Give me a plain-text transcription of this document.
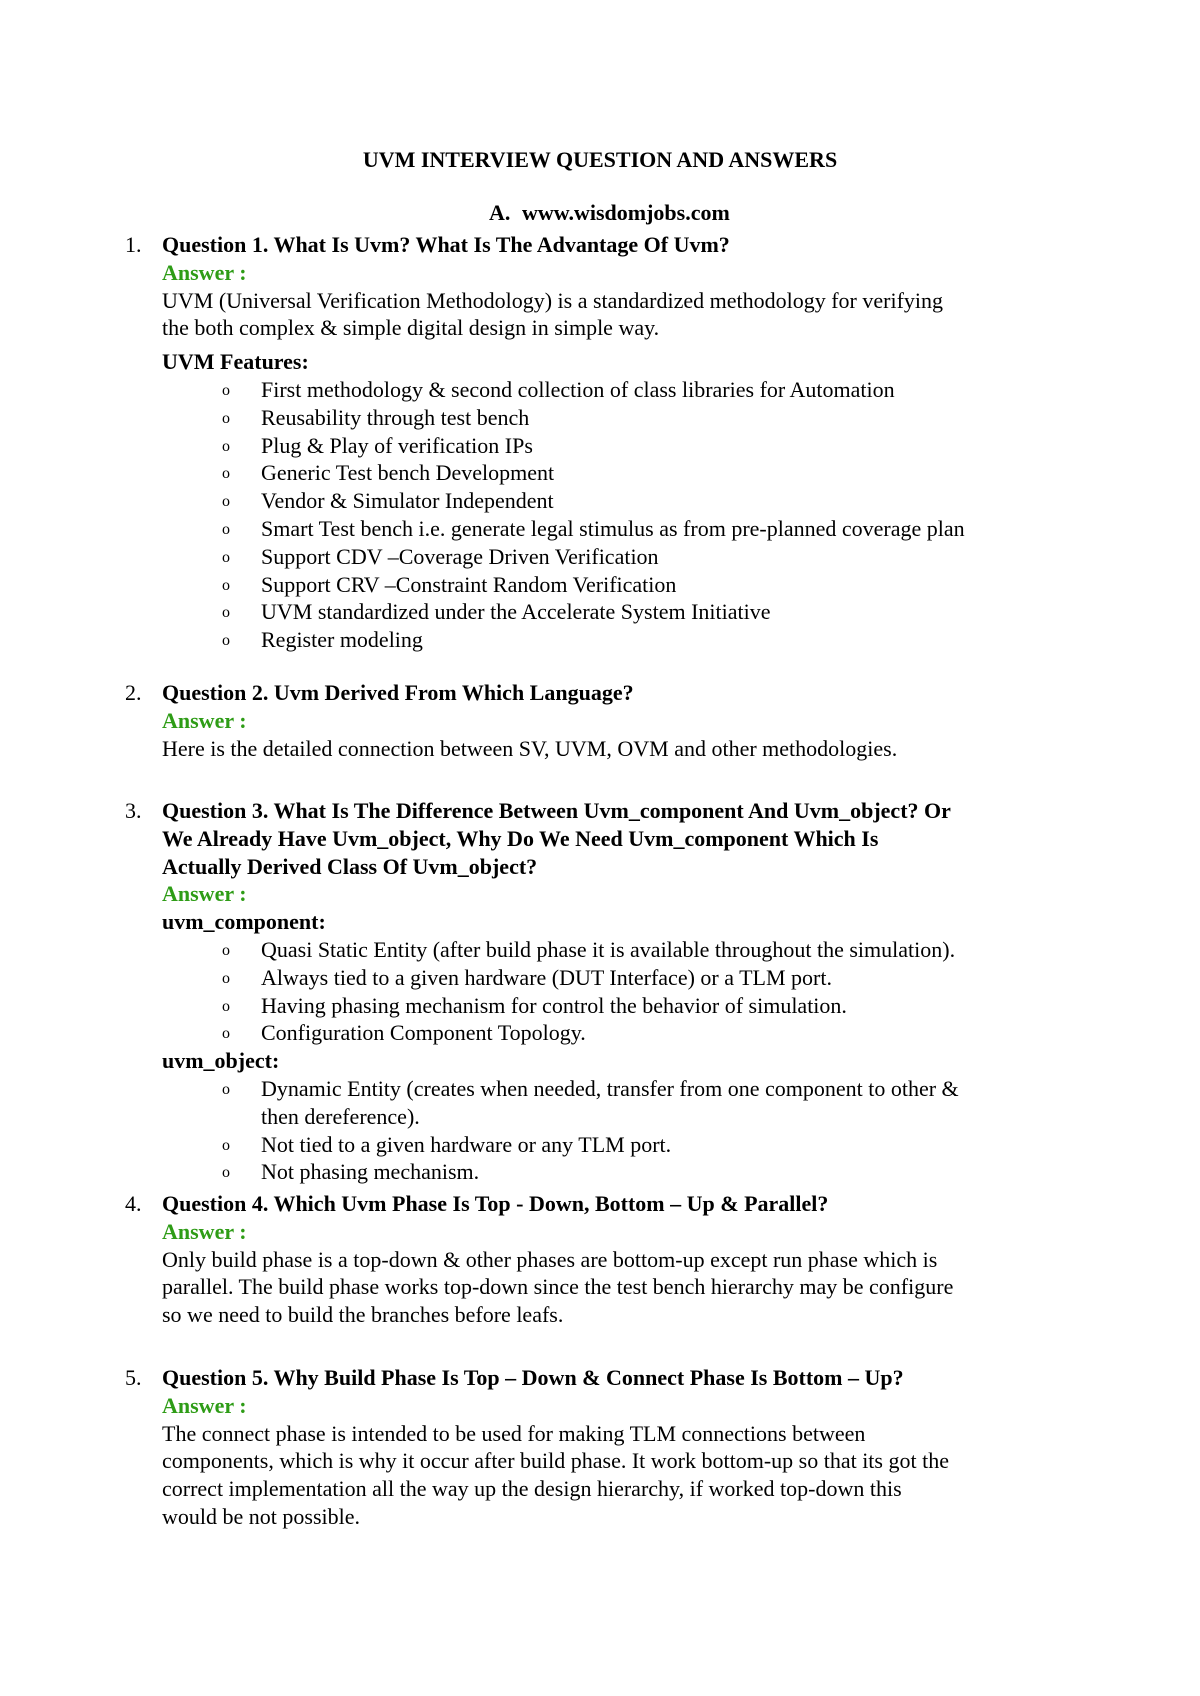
UVM INTERVIEW QUESTION AND ANSWERS

A. www.wisdomjobs.com

1. Question 1. What Is Uvm? What Is The Advantage Of Uvm?

Answer :

UVM (Universal Verification Methodology) is a standardized methodology for verifying

the both complex & simple digital design in simple way.

UVM Features:

o First methodology & second collection of class libraries for Automation
o Reusability through test bench
o Plug & Play of verification IPs
o Generic Test bench Development
o Vendor & Simulator Independent
o Smart Test bench i.e. generate legal stimulus as from pre-planned coverage plan
o Support CDV –Coverage Driven Verification
o Support CRV –Constraint Random Verification
o UVM standardized under the Accelerate System Initiative
o Register modeling
2. Question 2. Uvm Derived From Which Language?

Answer :

Here is the detailed connection between SV, UVM, OVM and other methodologies.

3. Question 3. What Is The Difference Between Uvm_component And Uvm_object? Or

We Already Have Uvm_object, Why Do We Need Uvm_component Which Is

Actually Derived Class Of Uvm_object?

Answer :

uvm_component:

o Quasi Static Entity (after build phase it is available throughout the simulation).
o Always tied to a given hardware (DUT Interface) or a TLM port.
o Having phasing mechanism for control the behavior of simulation.
o Configuration Component Topology.

uvm_object:

o Dynamic Entity (creates when needed, transfer from one component to other &
then dereference).
o Not tied to a given hardware or any TLM port.
o Not phasing mechanism.
4. Question 4. Which Uvm Phase Is Top - Down, Bottom – Up & Parallel?

Answer :

Only build phase is a top-down & other phases are bottom-up except run phase which is

parallel. The build phase works top-down since the test bench hierarchy may be configure

so we need to build the branches before leafs.

5. Question 5. Why Build Phase Is Top – Down & Connect Phase Is Bottom – Up?

Answer :

The connect phase is intended to be used for making TLM connections between

components, which is why it occur after build phase. It work bottom-up so that its got the

correct implementation all the way up the design hierarchy, if worked top-down this

would be not possible.
